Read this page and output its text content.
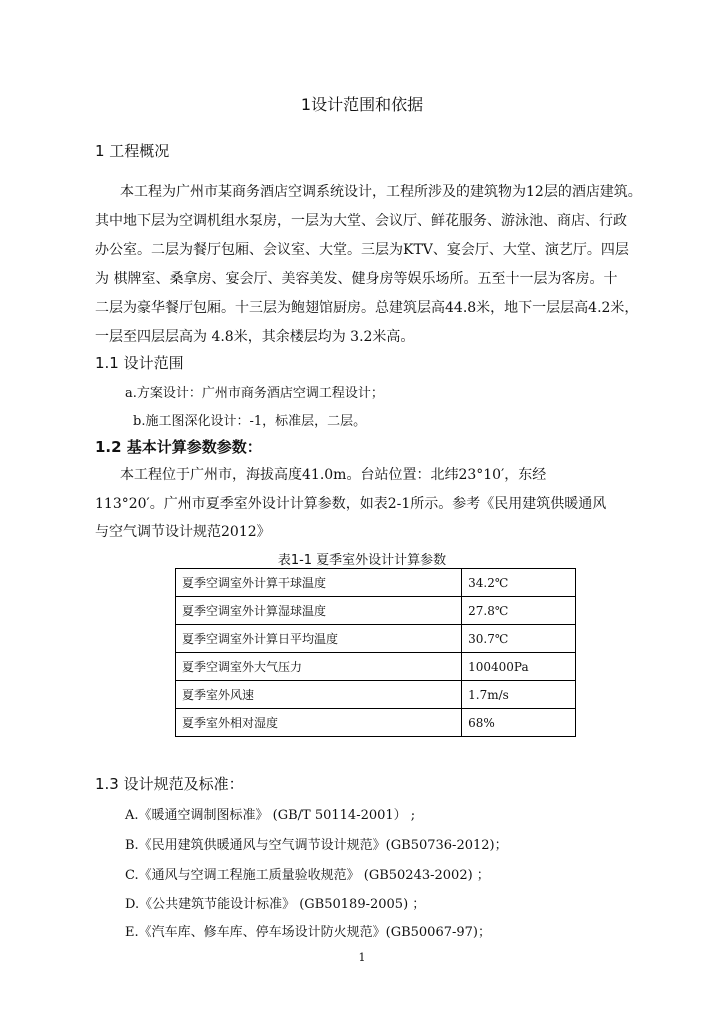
1设计范围和依据
1 工程概况
本工程为广州市某商务酒店空调系统设计，工程所涉及的建筑物为12层的酒店建筑。
其中地下层为空调机组水泵房，一层为大堂、会议厅、鲜花服务、游泳池、商店、行政
办公室。二层为餐厅包厢、会议室、大堂。三层为KTV、宴会厅、大堂、演艺厅。四层
为 棋牌室、桑拿房、宴会厅、美容美发、健身房等娱乐场所。五至十一层为客房。十
二层为豪华餐厅包厢。十三层为鲍翅馆厨房。总建筑层高44.8米，地下一层层高4.2米，
一层至四层层高为 4.8米，其余楼层均为 3.2米高。
1.1 设计范围
a.方案设计：广州市商务酒店空调工程设计；
b.施工图深化设计：-1，标准层，二层。
1.2 基本计算参数参数：
本工程位于广州市，海拔高度41.0m。台站位置：北纬23°10′，东经
113°20′。广州市夏季室外设计计算参数，如表2-1所示。参考《民用建筑供暖通风
与空气调节设计规范2012》
表1-1 夏季室外设计计算参数
夏季空调室外计算干球温度	34.2℃
夏季空调室外计算湿球温度	27.8℃
夏季空调室外计算日平均温度	30.7℃
夏季空调室外大气压力	100400Pa
夏季室外风速	1.7m/s
夏季室外相对湿度	68%
1.3 设计规范及标准：
A.《暖通空调制图标准》 (GB/T 50114-2001） ;
B.《民用建筑供暖通风与空气调节设计规范》(GB50736-2012)；
C.《通风与空调工程施工质量验收规范》 (GB50243-2002) ；
D.《公共建筑节能设计标准》 (GB50189-2005) ；
E.《汽车库、修车库、停车场设计防火规范》(GB50067-97)；
1
